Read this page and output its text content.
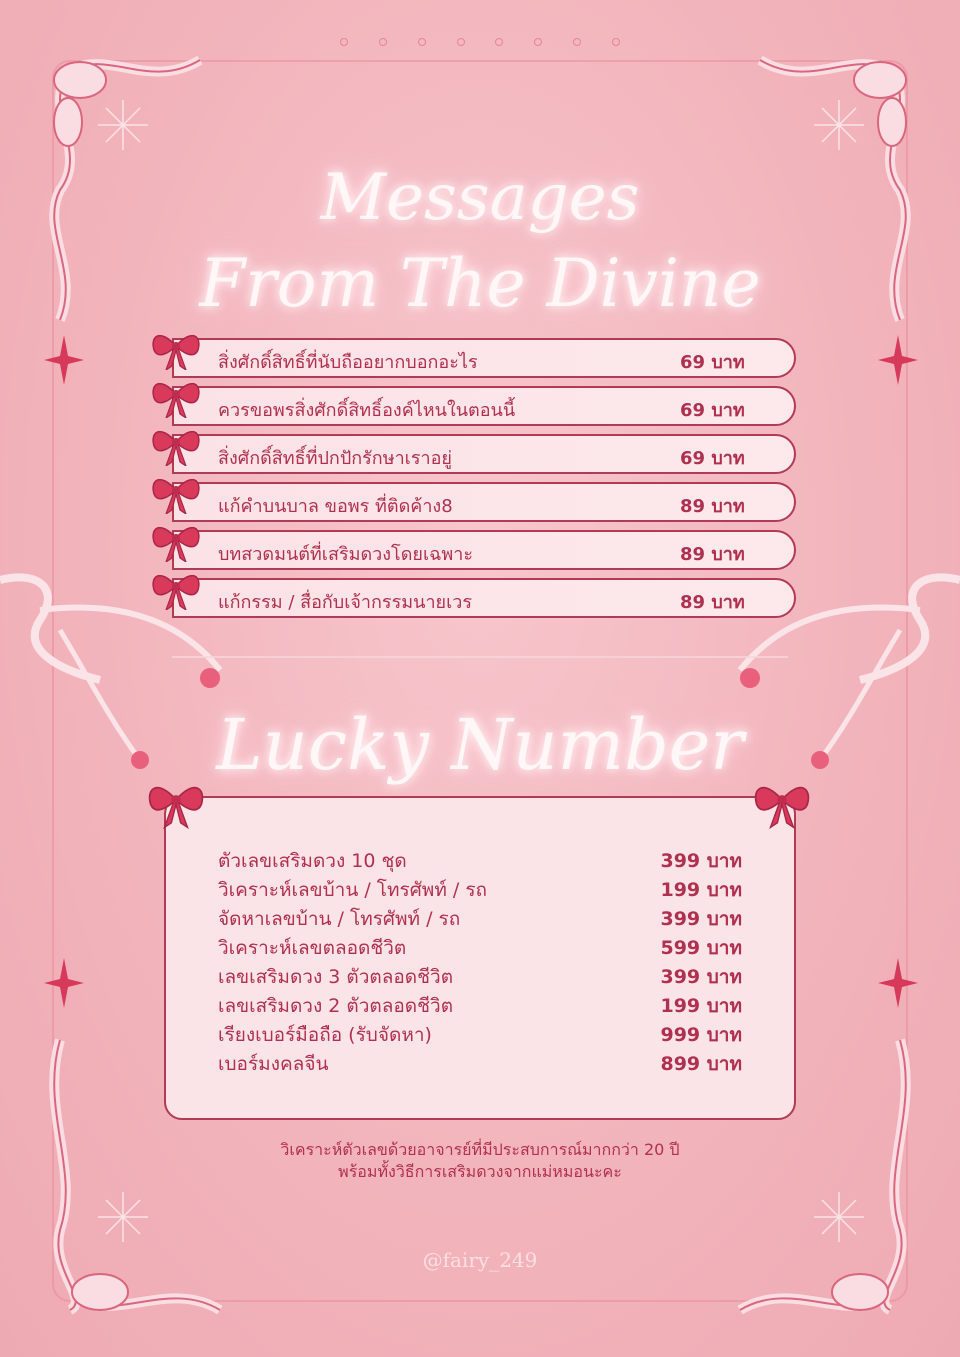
Messages
From The Divine
สิ่งศักดิ์สิทธิ์ที่นับถืออยากบอกอะไร	69 บาท
ควรขอพรสิ่งศักดิ์สิทธิ์องค์ไหนในตอนนี้	69 บาท
สิ่งศักดิ์สิทธิ์ที่ปกปักรักษาเราอยู่	69 บาท
แก้คำบนบาล ขอพร ที่ติดค้าง8	89 บาท
บทสวดมนต์ที่เสริมดวงโดยเฉพาะ	89 บาท
แก้กรรม / สื่อกับเจ้ากรรมนายเวร	89 บาท
Lucky Number
ตัวเลขเสริมดวง 10 ชุด	399 บาท
วิเคราะห์เลขบ้าน / โทรศัพท์ / รถ	199 บาท
จัดหาเลขบ้าน / โทรศัพท์ / รถ	399 บาท
วิเคราะห์เลขตลอดชีวิต	599 บาท
เลขเสริมดวง 3 ตัวตลอดชีวิต	399 บาท
เลขเสริมดวง 2 ตัวตลอดชีวิต	199 บาท
เรียงเบอร์มือถือ (รับจัดหา)	999 บาท
เบอร์มงคลจีน	899 บาท

วิเคราะห์ตัวเลขด้วยอาจารย์ที่มีประสบการณ์มากกว่า 20 ปี

พร้อมทั้งวิธีการเสริมดวงจากแม่หมอนะคะ

@fairy_249
